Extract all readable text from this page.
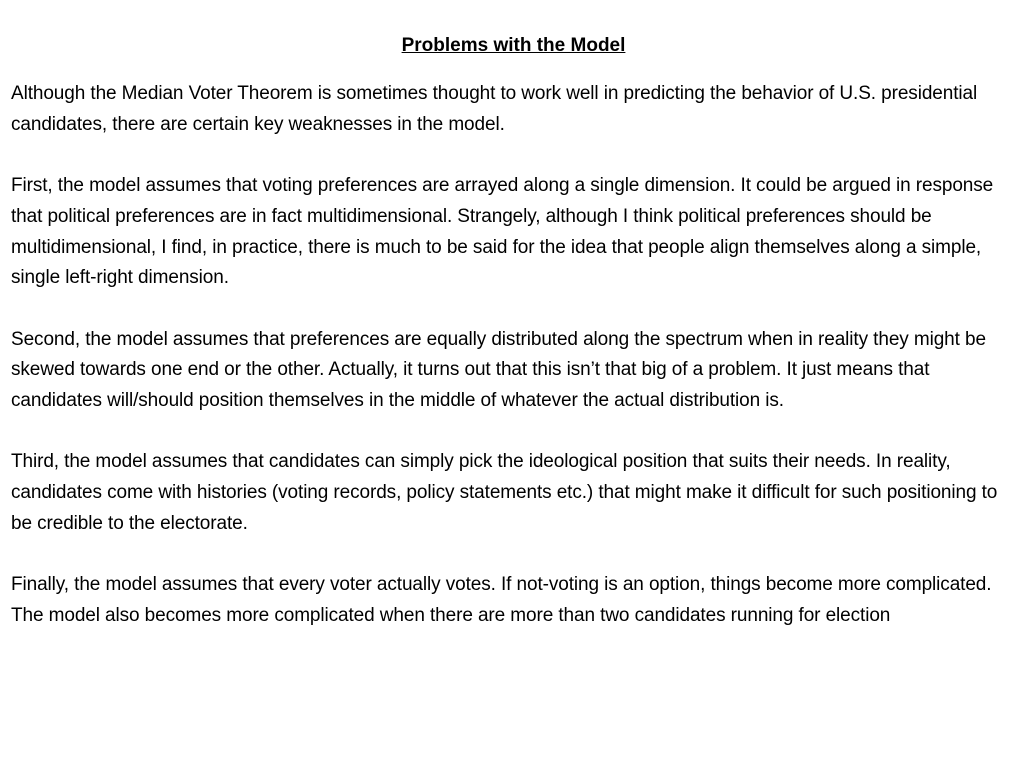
Problems with the Model

Although the Median Voter Theorem is sometimes thought to work well in predicting the behavior of U.S. presidential candidates, there are certain key weaknesses in the model.

First, the model assumes that voting preferences are arrayed along a single dimension. It could be argued in response that political preferences are in fact multidimensional. Strangely, although I think political preferences should be multidimensional, I find, in practice, there is much to be said for the idea that people align themselves along a simple, single left-right dimension.

Second, the model assumes that preferences are equally distributed along the spectrum when in reality they might be skewed towards one end or the other. Actually, it turns out that this isn’t that big of a problem. It just means that candidates will/should position themselves in the middle of whatever the actual distribution is.

Third, the model assumes that candidates can simply pick the ideological position that suits their needs. In reality, candidates come with histories (voting records, policy statements etc.) that might make it difficult for such positioning to be credible to the electorate.

Finally, the model assumes that every voter actually votes. If not-voting is an option, things become more complicated. The model also becomes more complicated when there are more than two candidates running for election
